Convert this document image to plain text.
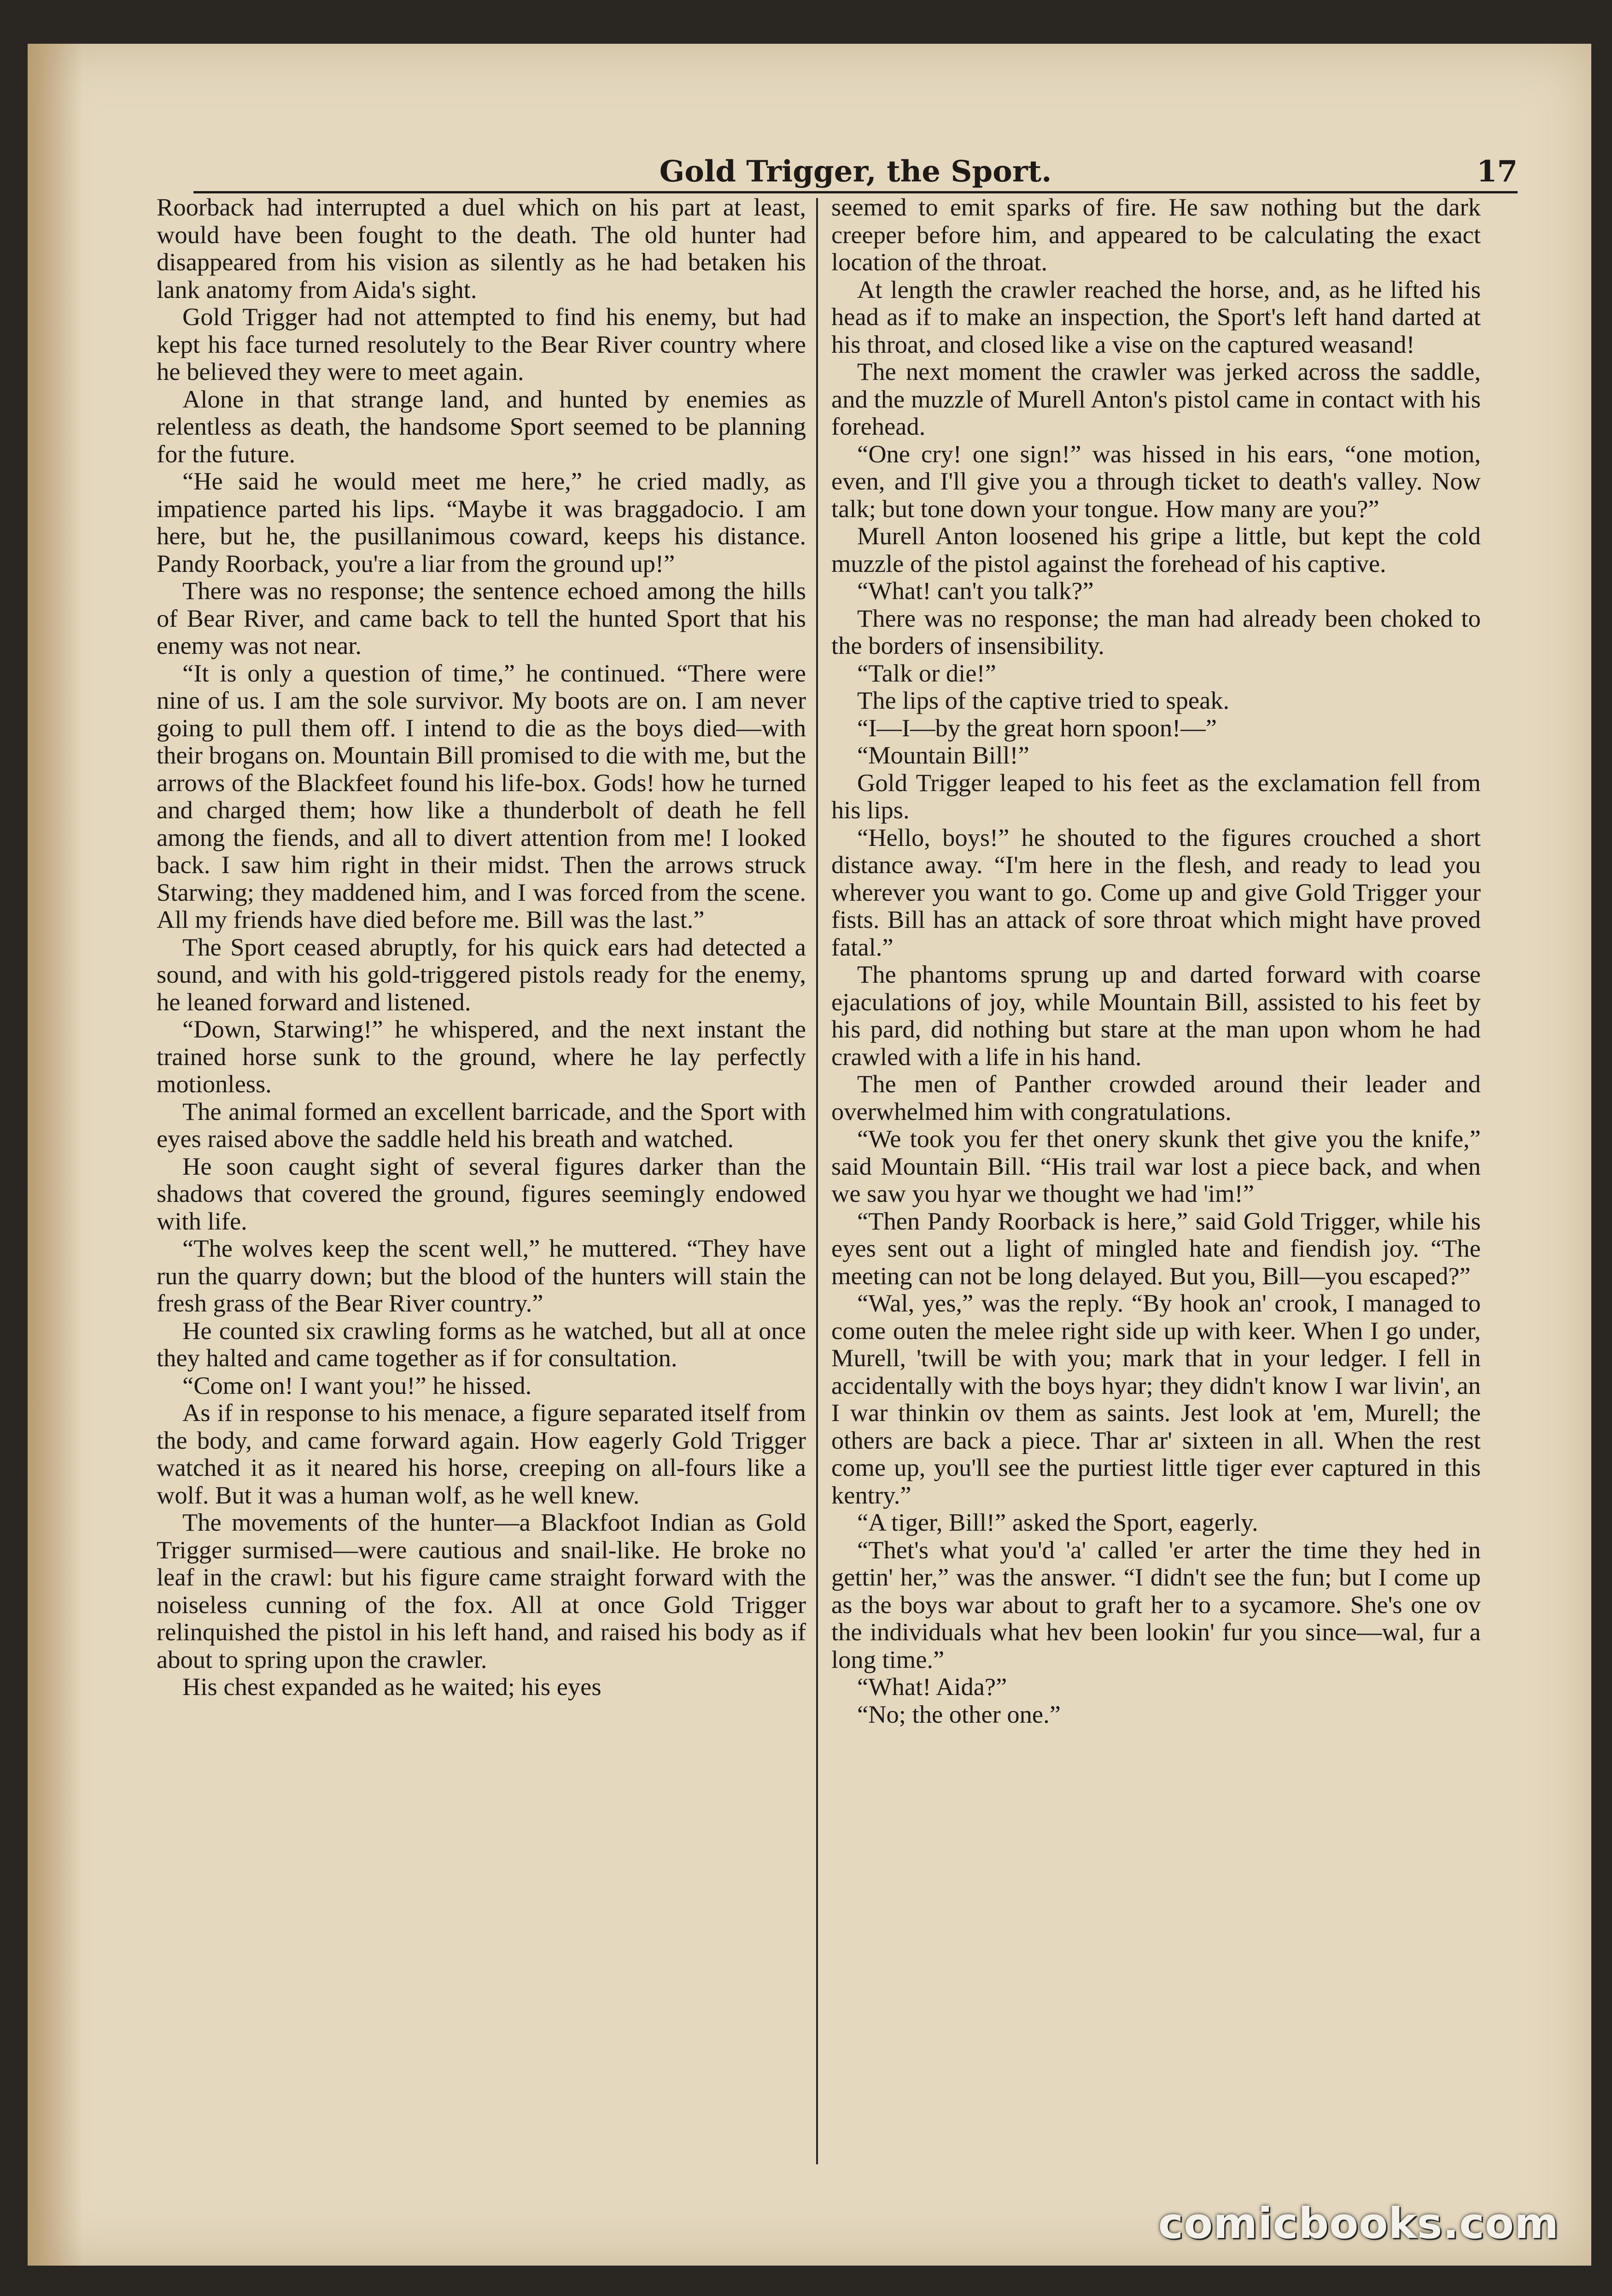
Gold Trigger, the Sport.	17

Roorback had interrupted a duel which on his part at least, would have been fought to the death. The old hunter had disappeared from his vision as silently as he had betaken his lank anatomy from Aida's sight.

Gold Trigger had not attempted to find his enemy, but had kept his face turned resolutely to the Bear River country where he believed they were to meet again.

Alone in that strange land, and hunted by enemies as relentless as death, the handsome Sport seemed to be planning for the future.

“He said he would meet me here,” he cried madly, as impatience parted his lips. “Maybe it was braggadocio. I am here, but he, the pusillanimous coward, keeps his distance. Pandy Roorback, you're a liar from the ground up!”

There was no response; the sentence echoed among the hills of Bear River, and came back to tell the hunted Sport that his enemy was not near.

“It is only a question of time,” he continued. “There were nine of us. I am the sole survivor. My boots are on. I am never going to pull them off. I intend to die as the boys died—with their brogans on. Mountain Bill promised to die with me, but the arrows of the Blackfeet found his life-box. Gods! how he turned and charged them; how like a thunderbolt of death he fell among the fiends, and all to divert attention from me! I looked back. I saw him right in their midst. Then the arrows struck Starwing; they maddened him, and I was forced from the scene. All my friends have died before me. Bill was the last.”

The Sport ceased abruptly, for his quick ears had detected a sound, and with his gold-triggered pistols ready for the enemy, he leaned forward and listened.

“Down, Starwing!” he whispered, and the next instant the trained horse sunk to the ground, where he lay perfectly motionless.

The animal formed an excellent barricade, and the Sport with eyes raised above the saddle held his breath and watched.

He soon caught sight of several figures darker than the shadows that covered the ground, figures seemingly endowed with life.

“The wolves keep the scent well,” he muttered. “They have run the quarry down; but the blood of the hunters will stain the fresh grass of the Bear River country.”

He counted six crawling forms as he watched, but all at once they halted and came together as if for consultation.

“Come on! I want you!” he hissed.

As if in response to his menace, a figure separated itself from the body, and came forward again. How eagerly Gold Trigger watched it as it neared his horse, creeping on all-fours like a wolf. But it was a human wolf, as he well knew.

The movements of the hunter—a Blackfoot Indian as Gold Trigger surmised—were cautious and snail-like. He broke no leaf in the crawl: but his figure came straight forward with the noiseless cunning of the fox. All at once Gold Trigger relinquished the pistol in his left hand, and raised his body as if about to spring upon the crawler.

His chest expanded as he waited; his eyes

seemed to emit sparks of fire. He saw nothing but the dark creeper before him, and appeared to be calculating the exact location of the throat.

At length the crawler reached the horse, and, as he lifted his head as if to make an inspection, the Sport's left hand darted at his throat, and closed like a vise on the captured weasand!

The next moment the crawler was jerked across the saddle, and the muzzle of Murell Anton's pistol came in contact with his forehead.

“One cry! one sign!” was hissed in his ears, “one motion, even, and I'll give you a through ticket to death's valley. Now talk; but tone down your tongue. How many are you?”

Murell Anton loosened his gripe a little, but kept the cold muzzle of the pistol against the forehead of his captive.

“What! can't you talk?”

There was no response; the man had already been choked to the borders of insensibility.

“Talk or die!”

The lips of the captive tried to speak.

“I—I—by the great horn spoon!—”

“Mountain Bill!”

Gold Trigger leaped to his feet as the exclamation fell from his lips.

“Hello, boys!” he shouted to the figures crouched a short distance away. “I'm here in the flesh, and ready to lead you wherever you want to go. Come up and give Gold Trigger your fists. Bill has an attack of sore throat which might have proved fatal.”

The phantoms sprung up and darted forward with coarse ejaculations of joy, while Mountain Bill, assisted to his feet by his pard, did nothing but stare at the man upon whom he had crawled with a life in his hand.

The men of Panther crowded around their leader and overwhelmed him with congratulations.

“We took you fer thet onery skunk thet give you the knife,” said Mountain Bill. “His trail war lost a piece back, and when we saw you hyar we thought we had 'im!”

“Then Pandy Roorback is here,” said Gold Trigger, while his eyes sent out a light of mingled hate and fiendish joy. “The meeting can not be long delayed. But you, Bill—you escaped?”

“Wal, yes,” was the reply. “By hook an' crook, I managed to come outen the melee right side up with keer. When I go under, Murell, 'twill be with you; mark that in your ledger. I fell in accidentally with the boys hyar; they didn't know I war livin', an I war thinkin ov them as saints. Jest look at 'em, Murell; the others are back a piece. Thar ar' sixteen in all. When the rest come up, you'll see the purtiest little tiger ever captured in this kentry.”

“A tiger, Bill!” asked the Sport, eagerly.

“Thet's what you'd 'a' called 'er arter the time they hed in gettin' her,” was the answer. “I didn't see the fun; but I come up as the boys war about to graft her to a sycamore. She's one ov the individuals what hev been lookin' fur you since—wal, fur a long time.”

“What! Aida?”

“No; the other one.”

comicbooks.com
